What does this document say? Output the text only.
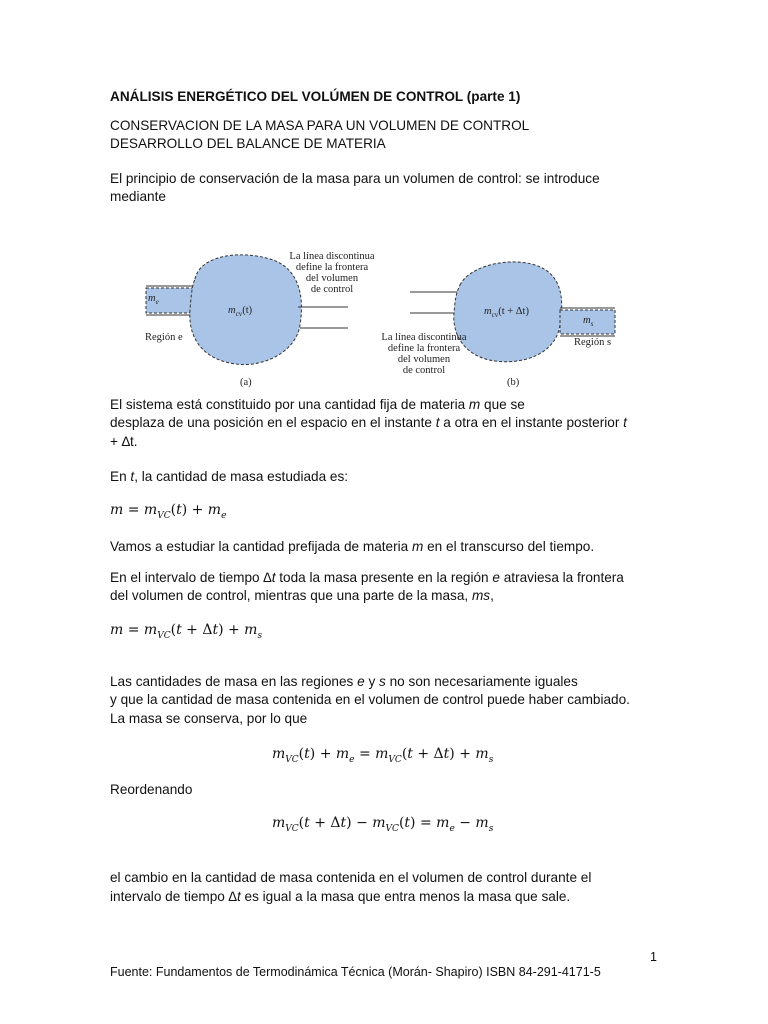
ANÁLISIS ENERGÉTICO DEL VOLÚMEN DE CONTROL (parte 1)

CONSERVACION DE LA MASA PARA UN VOLUMEN DE CONTROL

DESARROLLO DEL BALANCE DE MATERIA

El principio de conservación de la masa para un volumen de control: se introduce

mediante

La línea discontinua
define la frontera
del volumen
de control
$m_e$
Región e
$m_{cv}(t)$
(a)
$m_{cv}(t + \Delta t)$
$m_s$
Región s
La línea discontinua
define la frontera
del volumen
de control
(b)

El sistema está constituido por una cantidad fija de materia m que se

desplaza de una posición en el espacio en el instante t a otra en el instante posterior t

+ ∆t.

En t, la cantidad de masa estudiada es:

$m = m_{VC}(t) + m_e$

Vamos a estudiar la cantidad prefijada de materia m en el transcurso del tiempo.

En el intervalo de tiempo ∆t toda la masa presente en la región e atraviesa la frontera

del volumen de control, mientras que una parte de la masa, ms,

$m = m_{VC}(t + \Delta t) + m_s$

Las cantidades de masa en las regiones e y s no son necesariamente iguales

y que la cantidad de masa contenida en el volumen de control puede haber cambiado.

La masa se conserva, por lo que

$m_{VC}(t) + m_e = m_{VC}(t + \Delta t) + m_s$

Reordenando

$m_{VC}(t + \Delta t) - m_{VC}(t) = m_e - m_s$

el cambio en la cantidad de masa contenida en el volumen de control durante el

intervalo de tiempo ∆t es igual a la masa que entra menos la masa que sale.

1
Fuente: Fundamentos de Termodinámica Técnica (Morán- Shapiro) ISBN 84-291-4171-5
